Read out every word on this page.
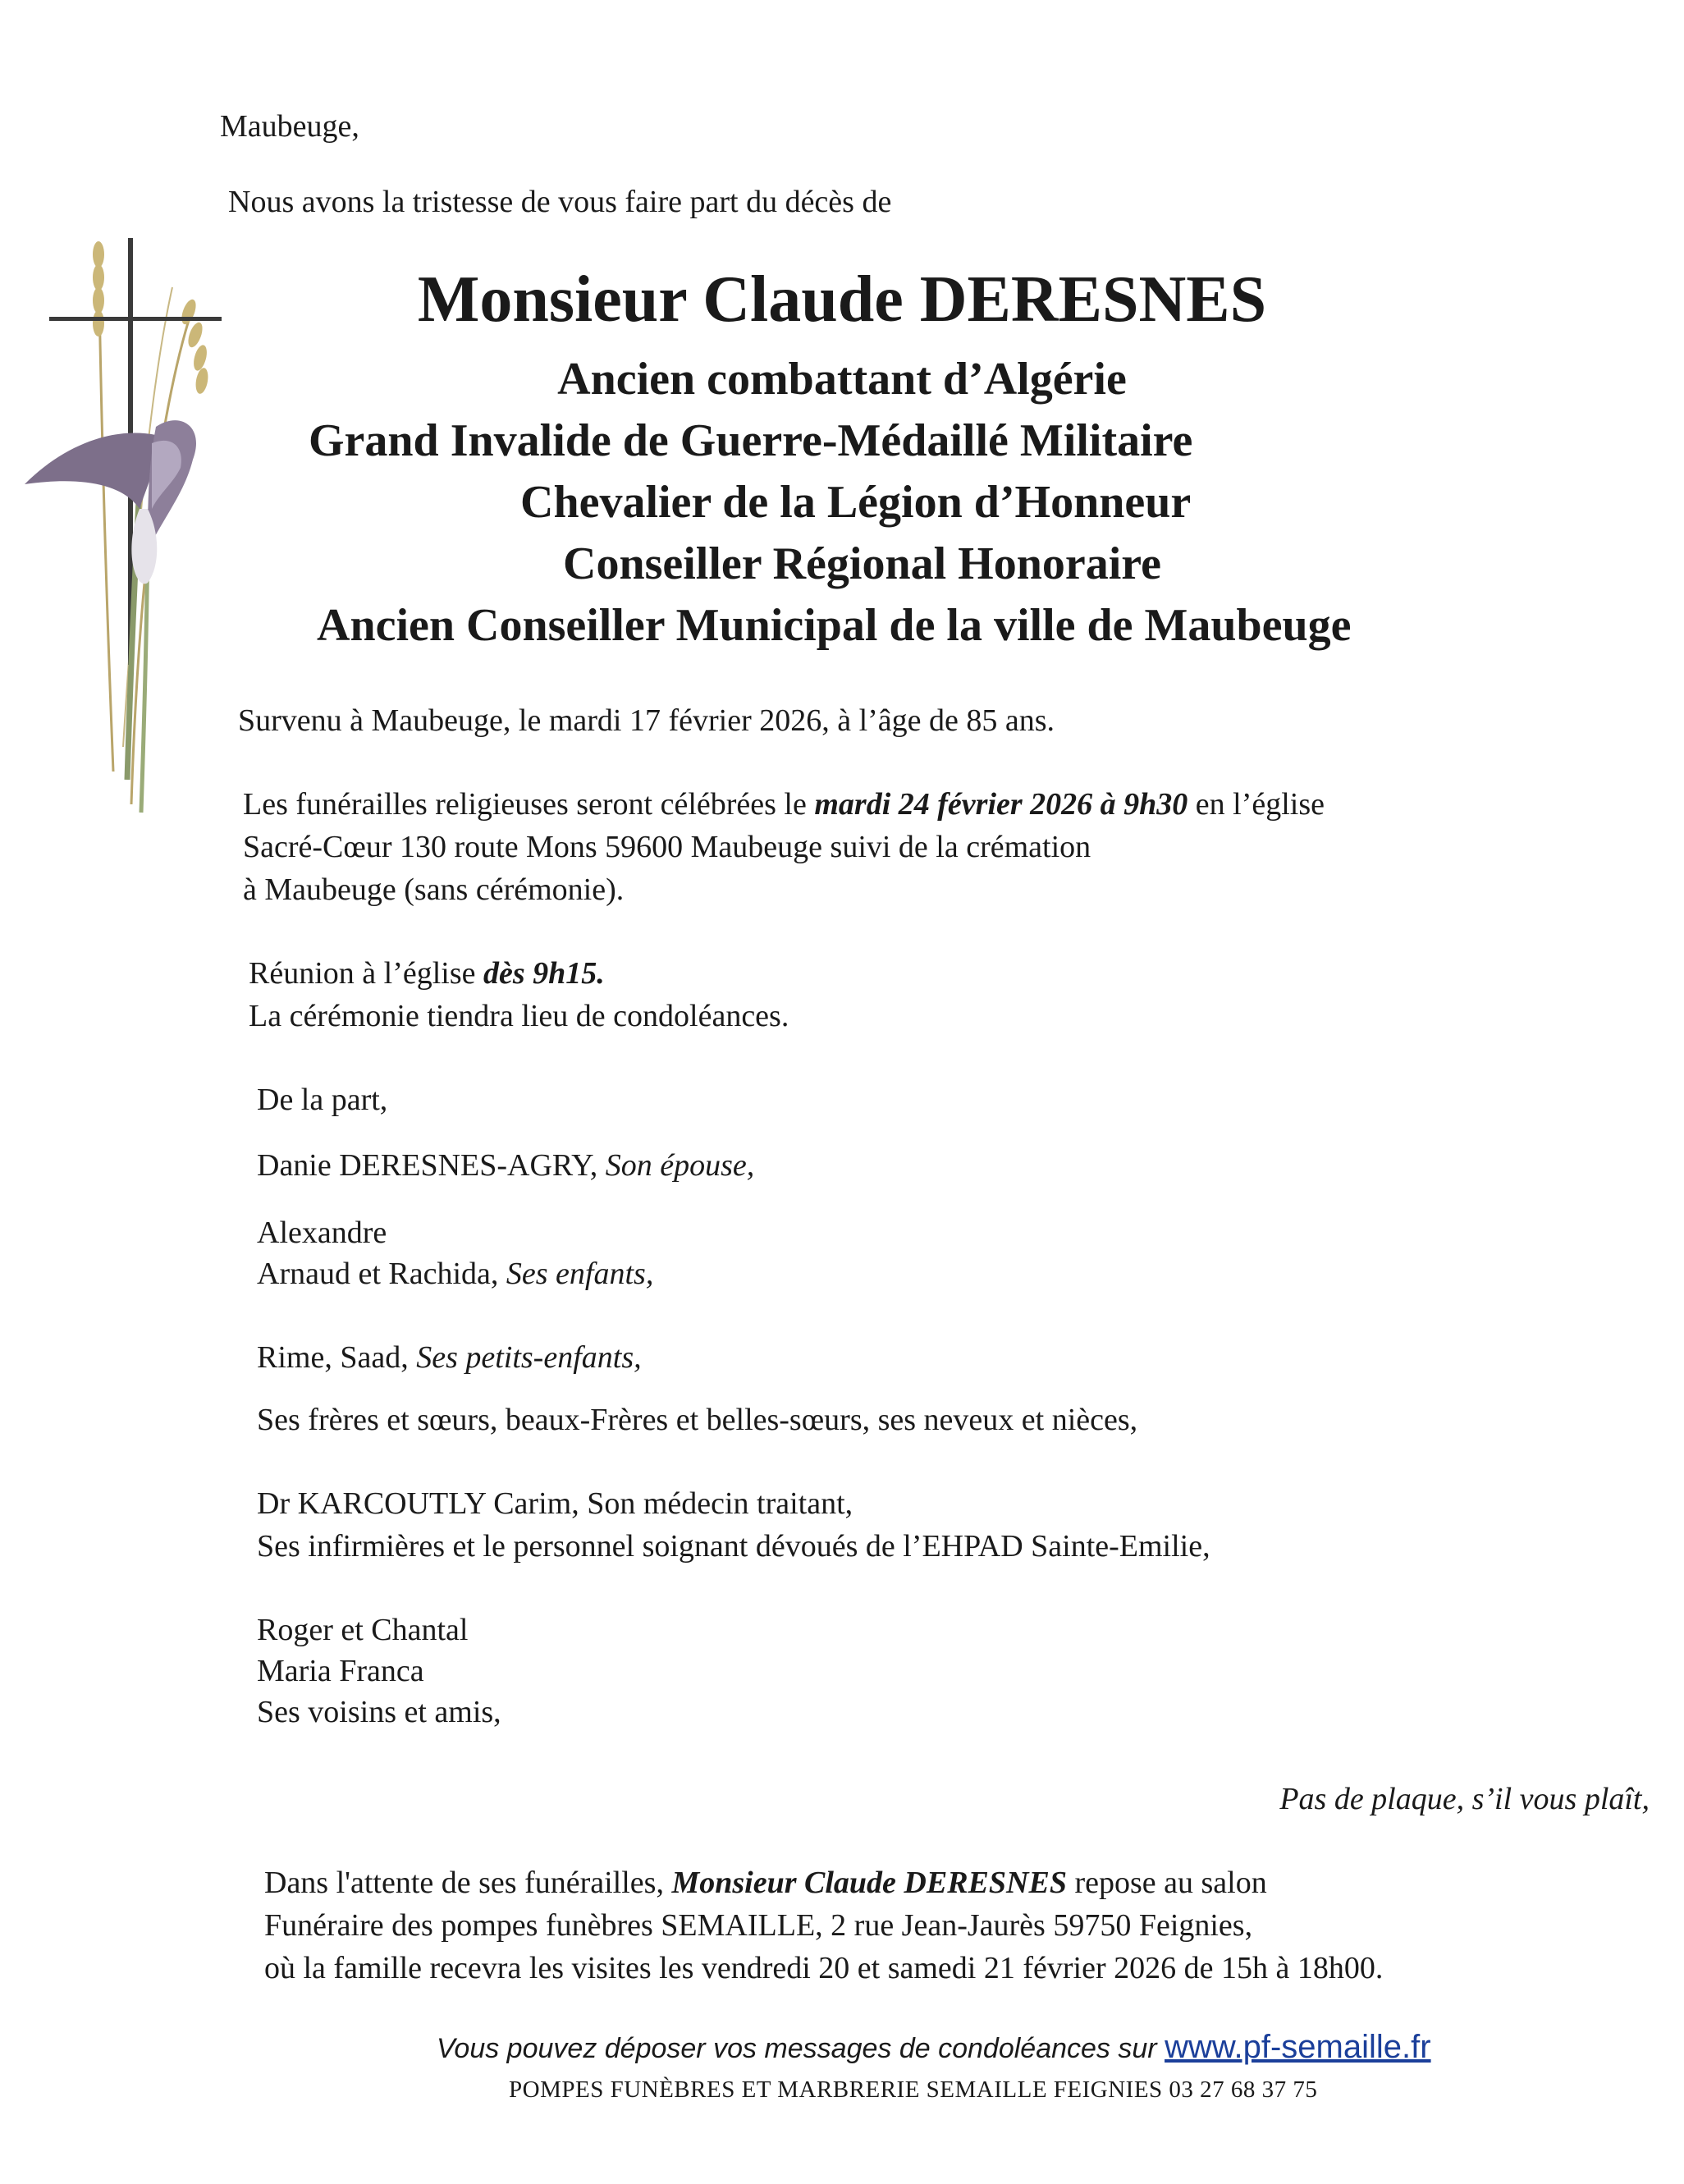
Maubeuge,
Nous avons la tristesse de vous faire part du décès de
Monsieur Claude DERESNES
Ancien combattant d’Algérie
Grand Invalide de Guerre-Médaillé Militaire
Chevalier de la Légion d’Honneur
Conseiller Régional Honoraire
Ancien Conseiller Municipal de la ville de Maubeuge
Survenu à Maubeuge, le mardi 17 février 2026, à l’âge de 85 ans.
Les funérailles religieuses seront célébrées le mardi 24 février 2026 à 9h30 en l’église
Sacré-Cœur 130 route Mons 59600 Maubeuge suivi de la crémation
à Maubeuge (sans cérémonie).
Réunion à l’église dès 9h15.
La cérémonie tiendra lieu de condoléances.
De la part,
Danie DERESNES-AGRY, Son épouse,
Alexandre
Arnaud et Rachida, Ses enfants,
Rime, Saad, Ses petits-enfants,
Ses frères et sœurs, beaux-Frères et belles-sœurs, ses neveux et nièces,
Dr KARCOUTLY Carim, Son médecin traitant,
Ses infirmières et le personnel soignant dévoués de l’EHPAD Sainte-Emilie,
Roger et Chantal
Maria Franca
Ses voisins et amis,
Pas de plaque, s’il vous plaît,
Dans l'attente de ses funérailles, Monsieur Claude DERESNES repose au salon
Funéraire des pompes funèbres SEMAILLE, 2 rue Jean-Jaurès 59750 Feignies,
où la famille recevra les visites les vendredi 20 et samedi 21 février 2026 de 15h à 18h00.
Vous pouvez déposer vos messages de condoléances sur www.pf-semaille.fr
POMPES FUNÈBRES ET MARBRERIE SEMAILLE FEIGNIES 03 27 68 37 75
